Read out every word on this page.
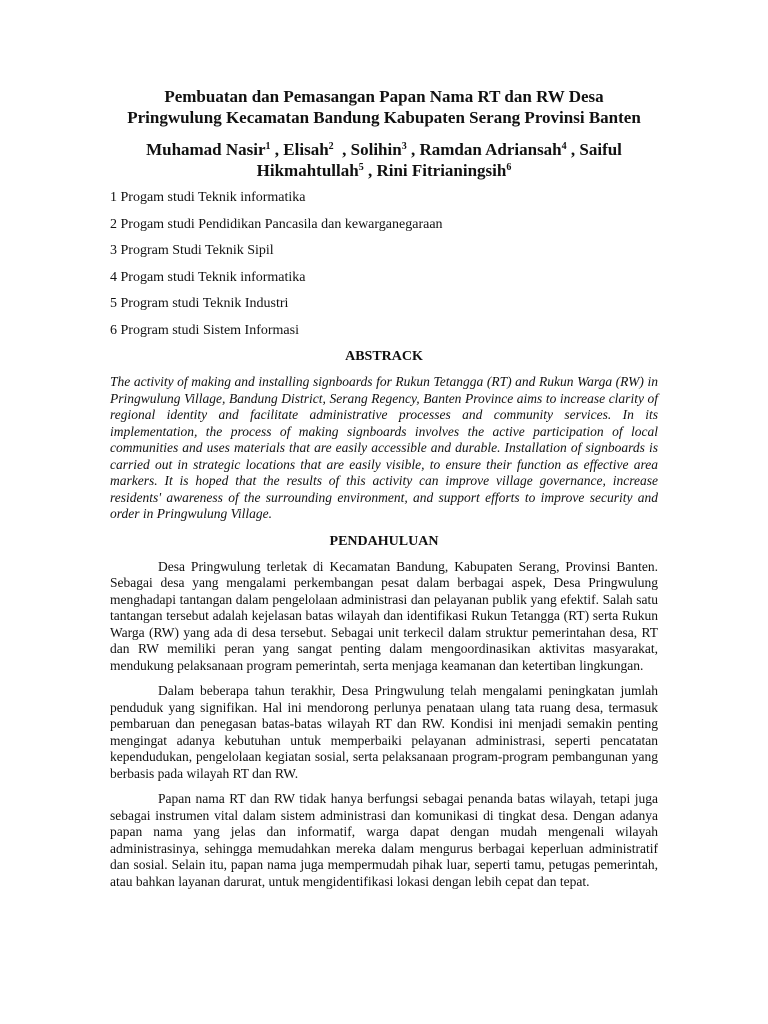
Pembuatan dan Pemasangan Papan Nama RT dan RW Desa
Pringwulung Kecamatan Bandung Kabupaten Serang Provinsi Banten
Muhamad Nasir$^1$ , Elisah$^2$  , Solihin$^3$ , Ramdan Adriansah$^4$ , Saiful
Hikmahtullah$^5$ , Rini Fitrianingsih$^6$

1 Progam studi Teknik informatika

2 Progam studi Pendidikan Pancasila dan kewarganegaraan

3 Program Studi Teknik Sipil

4 Progam studi Teknik informatika

5 Program studi Teknik Industri

6 Program studi Sistem Informasi

ABSTRACK

The activity of making and installing signboards for Rukun Tetangga (RT) and Rukun Warga (RW) in Pringwulung Village, Bandung District, Serang Regency, Banten Province aims to increase clarity of regional identity and facilitate administrative processes and community services. In its implementation, the process of making signboards involves the active participation of local communities and uses materials that are easily accessible and durable. Installation of signboards is carried out in strategic locations that are easily visible, to ensure their function as effective area markers. It is hoped that the results of this activity can improve village governance, increase residents' awareness of the surrounding environment, and support efforts to improve security and order in Pringwulung Village.

PENDAHULUAN

Desa Pringwulung terletak di Kecamatan Bandung, Kabupaten Serang, Provinsi Banten. Sebagai desa yang mengalami perkembangan pesat dalam berbagai aspek, Desa Pringwulung menghadapi tantangan dalam pengelolaan administrasi dan pelayanan publik yang efektif. Salah satu tantangan tersebut adalah kejelasan batas wilayah dan identifikasi Rukun Tetangga (RT) serta Rukun Warga (RW) yang ada di desa tersebut. Sebagai unit terkecil dalam struktur pemerintahan desa, RT dan RW memiliki peran yang sangat penting dalam mengoordinasikan aktivitas masyarakat, mendukung pelaksanaan program pemerintah, serta menjaga keamanan dan ketertiban lingkungan.

Dalam beberapa tahun terakhir, Desa Pringwulung telah mengalami peningkatan jumlah penduduk yang signifikan. Hal ini mendorong perlunya penataan ulang tata ruang desa, termasuk pembaruan dan penegasan batas-batas wilayah RT dan RW. Kondisi ini menjadi semakin penting mengingat adanya kebutuhan untuk memperbaiki pelayanan administrasi, seperti pencatatan kependudukan, pengelolaan kegiatan sosial, serta pelaksanaan program-program pembangunan yang berbasis pada wilayah RT dan RW.

Papan nama RT dan RW tidak hanya berfungsi sebagai penanda batas wilayah, tetapi juga sebagai instrumen vital dalam sistem administrasi dan komunikasi di tingkat desa. Dengan adanya papan nama yang jelas dan informatif, warga dapat dengan mudah mengenali wilayah administrasinya, sehingga memudahkan mereka dalam mengurus berbagai keperluan administratif dan sosial. Selain itu, papan nama juga mempermudah pihak luar, seperti tamu, petugas pemerintah, atau bahkan layanan darurat, untuk mengidentifikasi lokasi dengan lebih cepat dan tepat.
